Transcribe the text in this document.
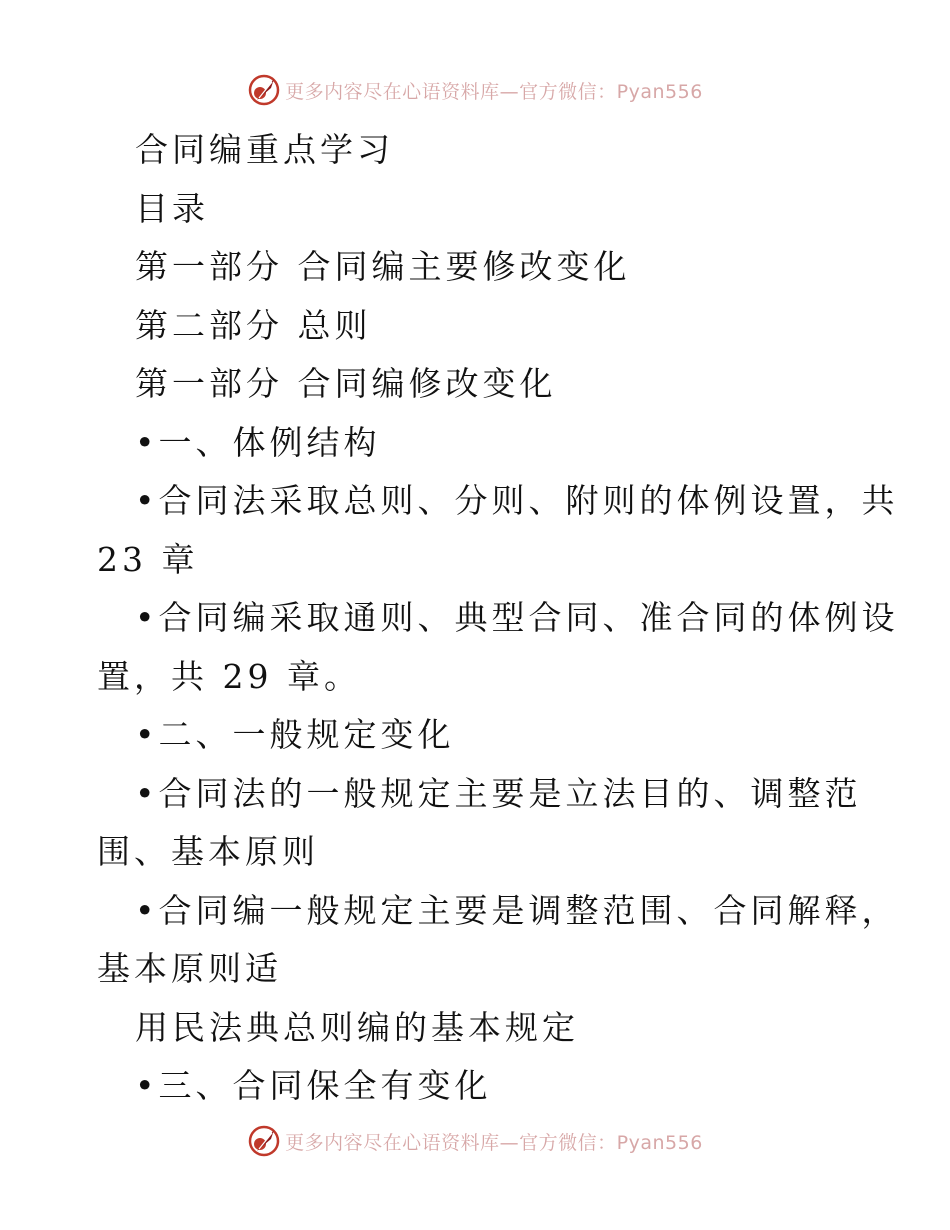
更多内容尽在心语资料库—官方微信：Pyan556
合同编重点学习
目录
第一部分 合同编主要修改变化
第二部分 总则
第一部分 合同编修改变化
•一、体例结构
•合同法采取总则、分则、附则的体例设置，共
23 章
•合同编采取通则、典型合同、准合同的体例设
置，共 29 章。
•二、一般规定变化
•合同法的一般规定主要是立法目的、调整范
围、基本原则
•合同编一般规定主要是调整范围、合同解释，
基本原则适
用民法典总则编的基本规定
•三、合同保全有变化
更多内容尽在心语资料库—官方微信：Pyan556
